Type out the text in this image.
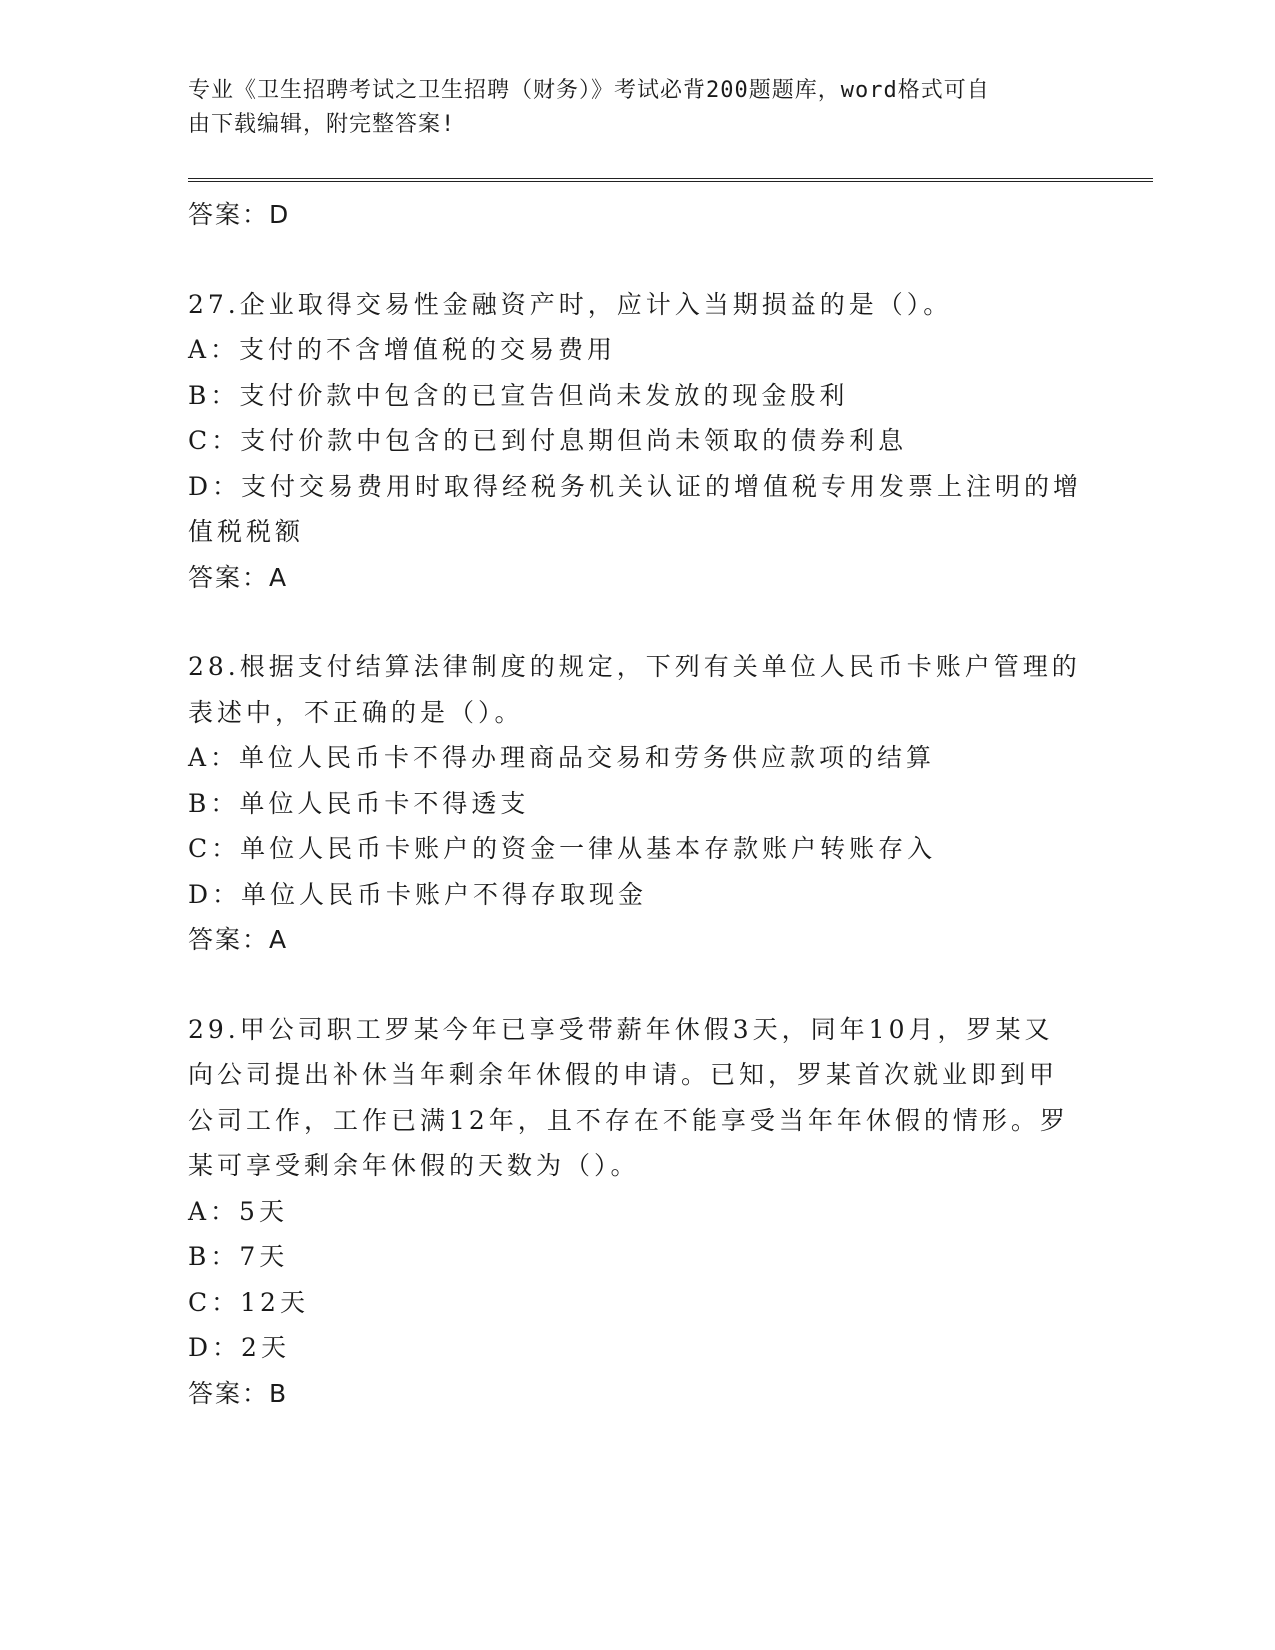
专业《卫生招聘考试之卫生招聘（财务）》考试必背200题题库，word格式可自
由下载编辑，附完整答案!
答案：D
27.企业取得交易性金融资产时，应计入当期损益的是（）。
A：支付的不含增值税的交易费用
B：支付价款中包含的已宣告但尚未发放的现金股利
C：支付价款中包含的已到付息期但尚未领取的债券利息
D：支付交易费用时取得经税务机关认证的增值税专用发票上注明的增
值税税额
答案：A
28.根据支付结算法律制度的规定，下列有关单位人民币卡账户管理的
表述中，不正确的是（）。
A：单位人民币卡不得办理商品交易和劳务供应款项的结算
B：单位人民币卡不得透支
C：单位人民币卡账户的资金一律从基本存款账户转账存入
D：单位人民币卡账户不得存取现金
答案：A
29.甲公司职工罗某今年已享受带薪年休假3天，同年10月，罗某又
向公司提出补休当年剩余年休假的申请。已知，罗某首次就业即到甲
公司工作，工作已满12年，且不存在不能享受当年年休假的情形。罗
某可享受剩余年休假的天数为（）。
A：5天
B：7天
C：12天
D：2天
答案：B
